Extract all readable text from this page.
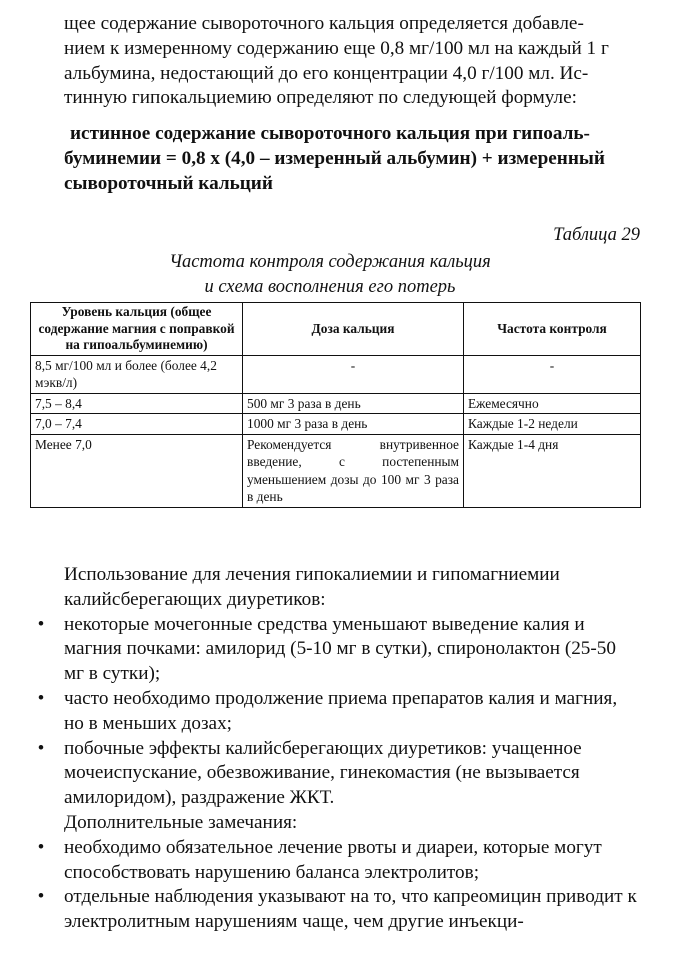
щее содержание сывороточного кальция определяется добавле-

нием к измеренному содержанию еще 0,8 мг/100 мл на каждый 1 г

альбумина, недостающий до его концентрации 4,0 г/100 мл. Ис-

тинную гипокальциемию определяют по следующей формуле:

истинное содержание сывороточного кальция при гипоаль-

буминемии = 0,8 x (4,0 – измеренный альбумин) + измеренный

сывороточный кальций

Таблица 29
Частота контроля содержания кальция
и схема восполнения его потерь
Уровень кальция (общее содержание магния с поправкой на гипоальбуминемию)	Доза кальция	Частота контроля
8,5 мг/100 мл и более (более 4,2 мэкв/л)	-	-
7,5 – 8,4	500 мг 3 раза в день	Ежемесячно
7,0 – 7,4	1000 мг 3 раза в день	Каждые 1-2 недели
Менее 7,0	Рекомендуется внутривенное введение, с постепенным уменьшением дозы до 100 мг 3 раза в день	Каждые 1-4 дня

Использование для лечения гипокалиемии и гипомагниемии калийсберегающих диуретиков:

• некоторые мочегонные средства уменьшают выведение калия и магния почками: амилорид (5-10 мг в сутки), спиронолактон (25-50 мг в сутки);
• часто необходимо продолжение приема препаратов калия и магния, но в меньших дозах;
• побочные эффекты калийсберегающих диуретиков: учащенное мочеиспускание, обезвоживание, гинекомастия (не вызывается амилоридом), раздражение ЖКТ.

Дополнительные замечания:

• необходимо обязательное лечение рвоты и диареи, которые могут способствовать нарушению баланса электролитов;
• отдельные наблюдения указывают на то, что капреомицин приводит к электролитным нарушениям чаще, чем другие инъекци-
